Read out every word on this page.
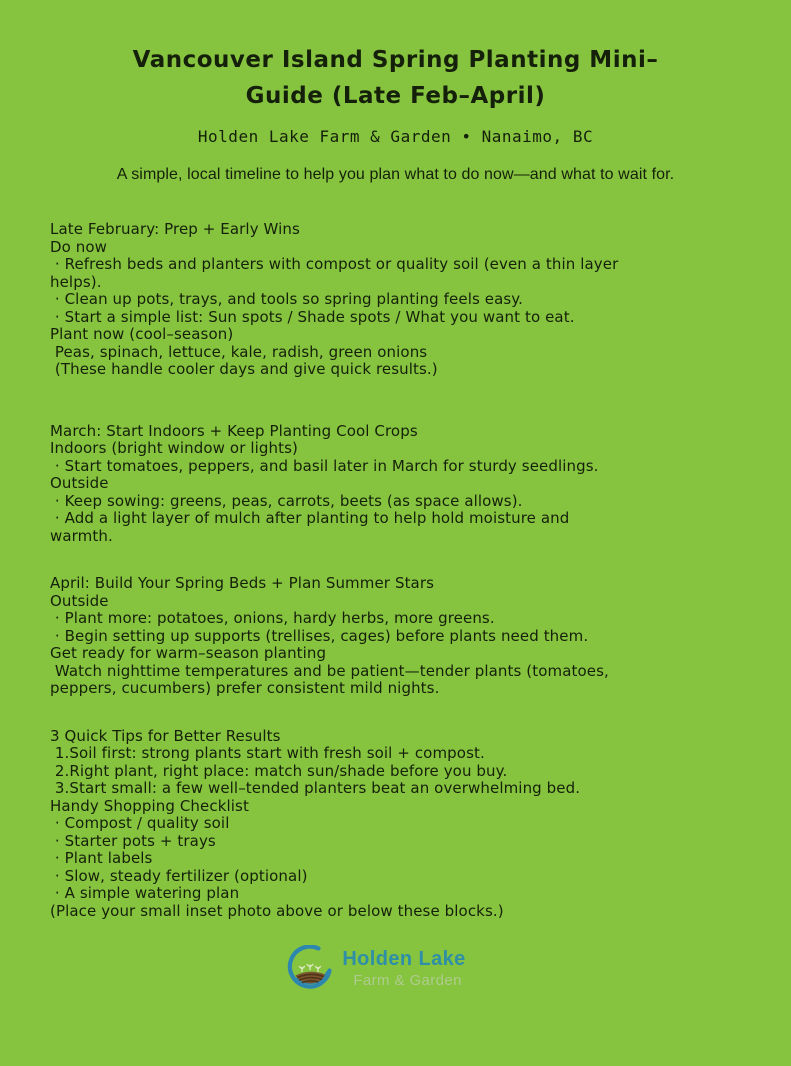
Vancouver Island Spring Planting Mini–
Guide (Late Feb–April)
Holden Lake Farm & Garden • Nanaimo, BC
A simple, local timeline to help you plan what to do now—and what to wait for.
Late February: Prep + Early Wins
Do now
· Refresh beds and planters with compost or quality soil (even a thin layer
helps).
· Clean up pots, trays, and tools so spring planting feels easy.
· Start a simple list: Sun spots / Shade spots / What you want to eat.
Plant now (cool–season)
Peas, spinach, lettuce, kale, radish, green onions
(These handle cooler days and give quick results.)
March: Start Indoors + Keep Planting Cool Crops
Indoors (bright window or lights)
· Start tomatoes, peppers, and basil later in March for sturdy seedlings.
Outside
· Keep sowing: greens, peas, carrots, beets (as space allows).
· Add a light layer of mulch after planting to help hold moisture and
warmth.
April: Build Your Spring Beds + Plan Summer Stars
Outside
· Plant more: potatoes, onions, hardy herbs, more greens.
· Begin setting up supports (trellises, cages) before plants need them.
Get ready for warm–season planting
Watch nighttime temperatures and be patient—tender plants (tomatoes,
peppers, cucumbers) prefer consistent mild nights.
3 Quick Tips for Better Results
1.Soil first: strong plants start with fresh soil + compost.
2.Right plant, right place: match sun/shade before you buy.
3.Start small: a few well–tended planters beat an overwhelming bed.
Handy Shopping Checklist
· Compost / quality soil
· Starter pots + trays
· Plant labels
· Slow, steady fertilizer (optional)
· A simple watering plan
(Place your small inset photo above or below these blocks.)
Holden Lake
Farm & Garden
